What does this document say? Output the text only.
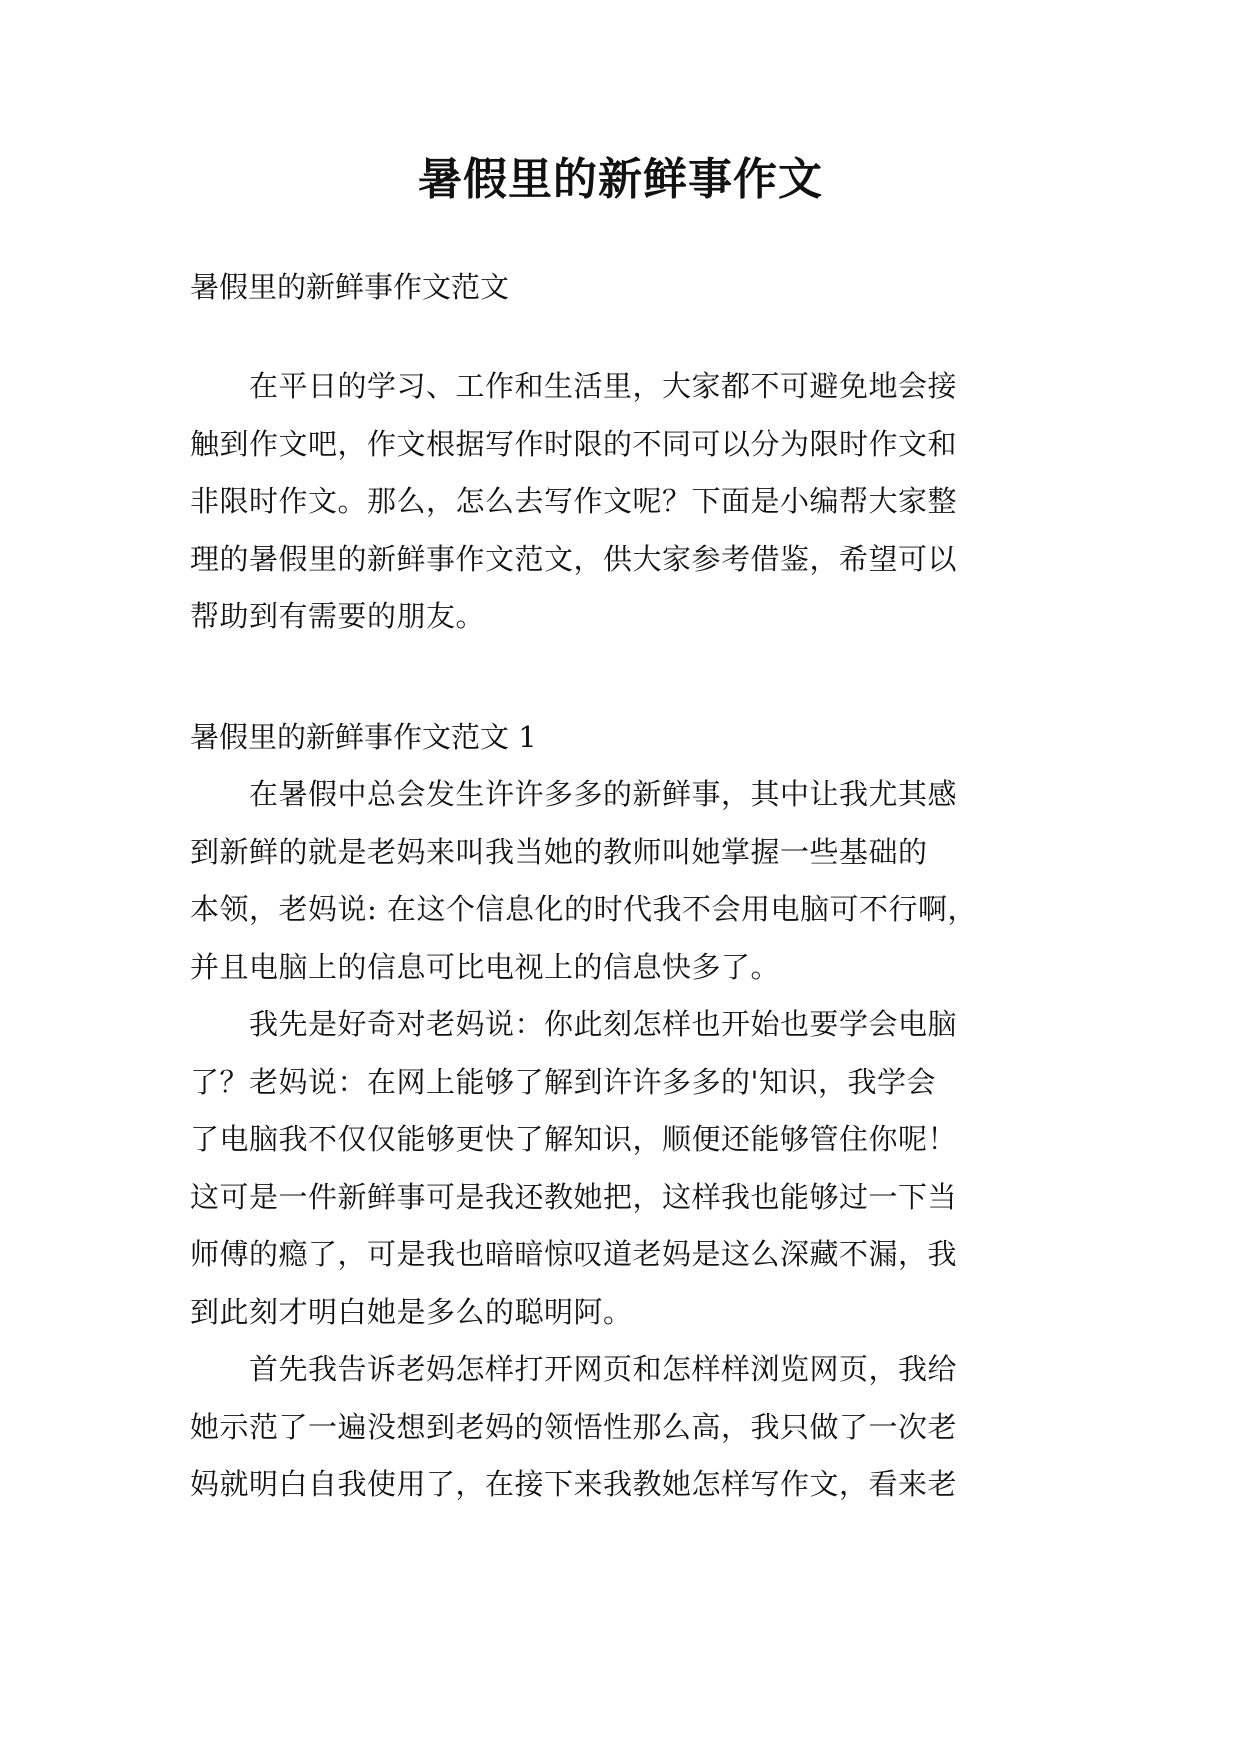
暑假里的新鲜事作文
暑假里的新鲜事作文范文
　　在平日的学习、工作和生活里，大家都不可避免地会接
触到作文吧，作文根据写作时限的不同可以分为限时作文和
非限时作文。那么，怎么去写作文呢？下面是小编帮大家整
理的暑假里的新鲜事作文范文，供大家参考借鉴，希望可以
帮助到有需要的朋友。
暑假里的新鲜事作文范文 1
　　在暑假中总会发生许许多多的新鲜事，其中让我尤其感
到新鲜的就是老妈来叫我当她的教师叫她掌握一些基础的
本领，老妈说: 在这个信息化的时代我不会用电脑可不行啊，
并且电脑上的信息可比电视上的信息快多了。
　　我先是好奇对老妈说：你此刻怎样也开始也要学会电脑
了？老妈说：在网上能够了解到许许多多的'知识，我学会
了电脑我不仅仅能够更快了解知识，顺便还能够管住你呢！
这可是一件新鲜事可是我还教她把，这样我也能够过一下当
师傅的瘾了，可是我也暗暗惊叹道老妈是这么深藏不漏，我
到此刻才明白她是多么的聪明阿。
　　首先我告诉老妈怎样打开网页和怎样样浏览网页，我给
她示范了一遍没想到老妈的领悟性那么高，我只做了一次老
妈就明白自我使用了，在接下来我教她怎样写作文，看来老
